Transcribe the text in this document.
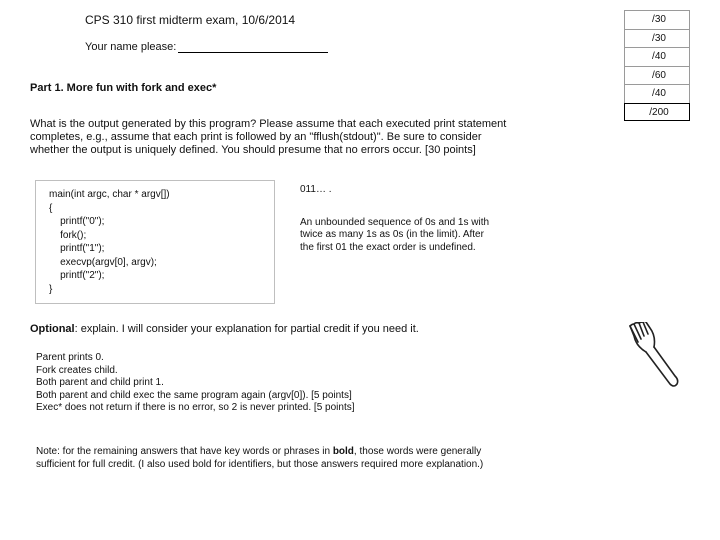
CPS 310 first midterm exam, 10/6/2014
Your name please:
/30
/30
/40
/60
/40
/200
Part 1. More fun with fork and exec*
What is the output generated by this program? Please assume that each executed print statement
completes, e.g., assume that each print is followed by an "fflush(stdout)". Be sure to consider
whether the output is uniquely defined. You should presume that no errors occur. [30 points]
main(int argc, char * argv[])
{
printf("0");
fork();
printf("1");
execvp(argv[0], argv);
printf("2");
}
011… .
An unbounded sequence of 0s and 1s with
twice as many 1s as 0s (in the limit). After
the first 01 the exact order is undefined.
Optional: explain. I will consider your explanation for partial credit if you need it.
Parent prints 0.
Fork creates child.
Both parent and child print 1.
Both parent and child exec the same program again (argv[0]). [5 points]
Exec* does not return if there is no error, so 2 is never printed. [5 points]
Note: for the remaining answers that have key words or phrases in bold, those words were generally
sufficient for full credit. (I also used bold for identifiers, but those answers required more explanation.)
